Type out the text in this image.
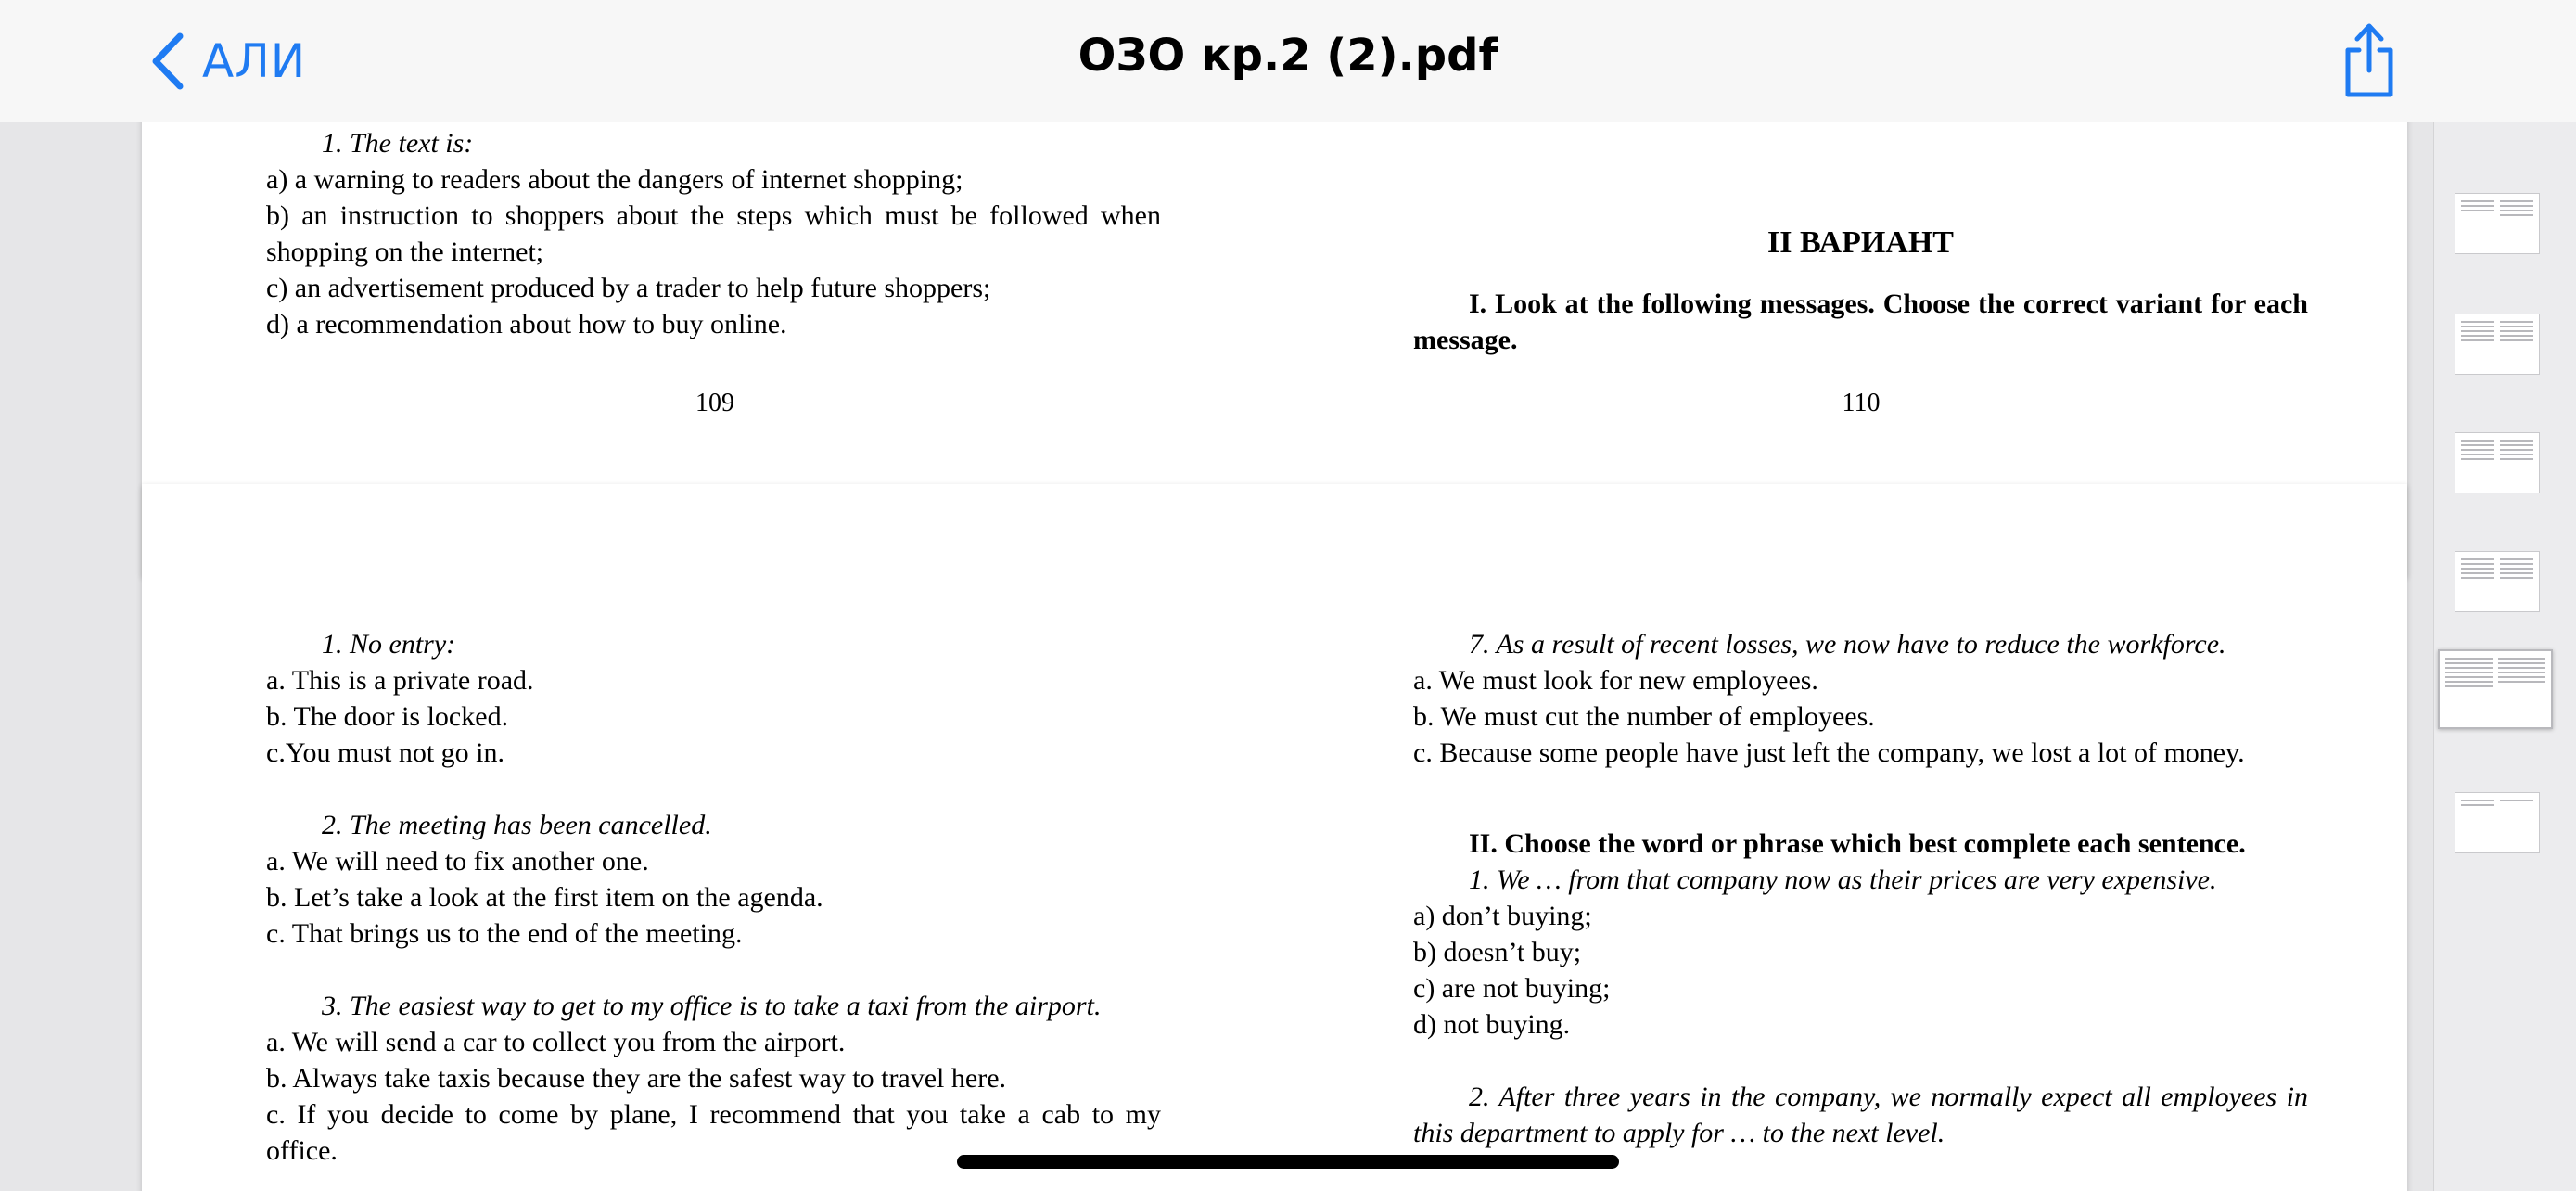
АЛИ	ОЗО кр.2 (2).pdf

1. The text is:

a) a warning to readers about the dangers of internet shopping;

b) an instruction to shoppers about the steps which must be followed when shopping on the internet;

c) an advertisement produced by a trader to help future shoppers;

d) a recommendation about how to buy online.

109

II ВАРИАНТ

I. Look at the following messages. Choose the correct variant for each message.

110

1. No entry:

a. This is a private road.

b. The door is locked.

c.You must not go in.

2. The meeting has been cancelled.

a. We will need to fix another one.

b. Let’s take a look at the first item on the agenda.

c. That brings us to the end of the meeting.

3. The easiest way to get to my office is to take a taxi from the airport.

a. We will send a car to collect you from the airport.

b. Always take taxis because they are the safest way to travel here.

c. If you decide to come by plane, I recommend that you take a cab to my office.

7. As a result of recent losses, we now have to reduce the workforce.

a. We must look for new employees.

b. We must cut the number of employees.

c. Because some people have just left the company, we lost a lot of money.

II. Choose the word or phrase which best complete each sentence.

1. We … from that company now as their prices are very expensive.

a) don’t buying;

b) doesn’t buy;

c) are not buying;

d) not buying.

2. After three years in the company, we normally expect all employees in this department to apply for … to the next level.
